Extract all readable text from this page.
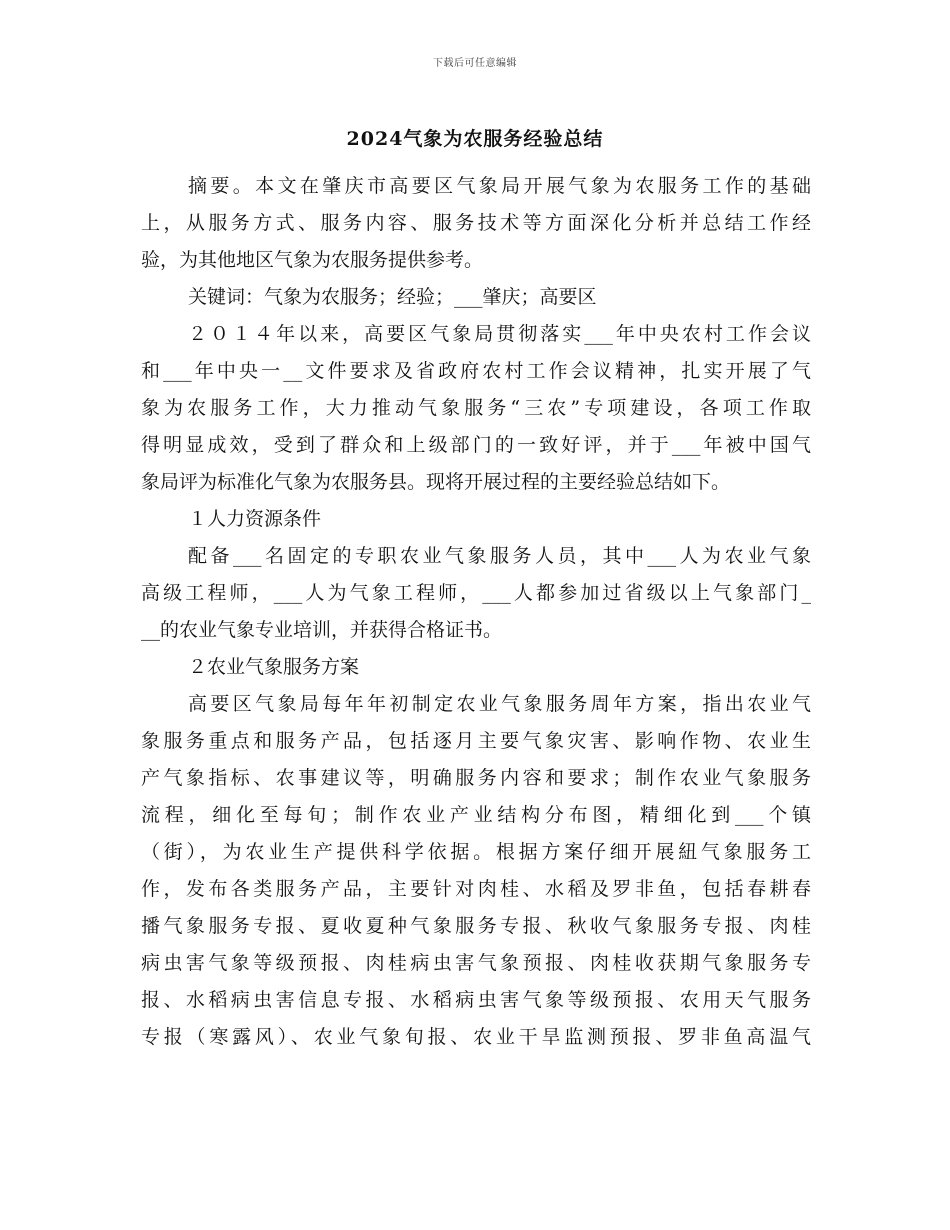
下载后可任意编辑
2024气象为农服务经验总结
摘要。本文在肇庆市高要区气象局开展气象为农服务工作的基础
上，从服务方式、服务内容、服务技术等方面深化分析并总结工作经
验，为其他地区气象为农服务提供参考。
关键词：气象为农服务；经验；___肇庆；高要区
２０１４年以来，高要区气象局贯彻落实___年中央农村工作会议
和___年中央一__文件要求及省政府农村工作会议精神，扎实开展了气
象为农服务工作，大力推动气象服务“三农”专项建设，各项工作取
得明显成效，受到了群众和上级部门的一致好评，并于___年被中国气
象局评为标准化气象为农服务县。现将开展过程的主要经验总结如下。
１人力资源条件
配备___名固定的专职农业气象服务人员，其中___人为农业气象
高级工程师，___人为气象工程师，___人都参加过省级以上气象部门_
__的农业气象专业培训，并获得合格证书。
２农业气象服务方案
高要区气象局每年年初制定农业气象服务周年方案，指出农业气
象服务重点和服务产品，包括逐月主要气象灾害、影响作物、农业生
产气象指标、农事建议等，明确服务内容和要求；制作农业气象服务
流程，细化至每旬；制作农业产业结构分布图，精细化到___个镇
（街），为农业生产提供科学依据。根据方案仔细开展紐气象服务工
作，发布各类服务产品，主要针对肉桂、水稻及罗非鱼，包括春耕春
播气象服务专报、夏收夏种气象服务专报、秋收气象服务专报、肉桂
病虫害气象等级预报、肉桂病虫害气象预报、肉桂收获期气象服务专
报、水稻病虫害信息专报、水稻病虫害气象等级预报、农用天气服务
专报（寒露风）、农业气象旬报、农业干旱监测预报、罗非鱼高温气
